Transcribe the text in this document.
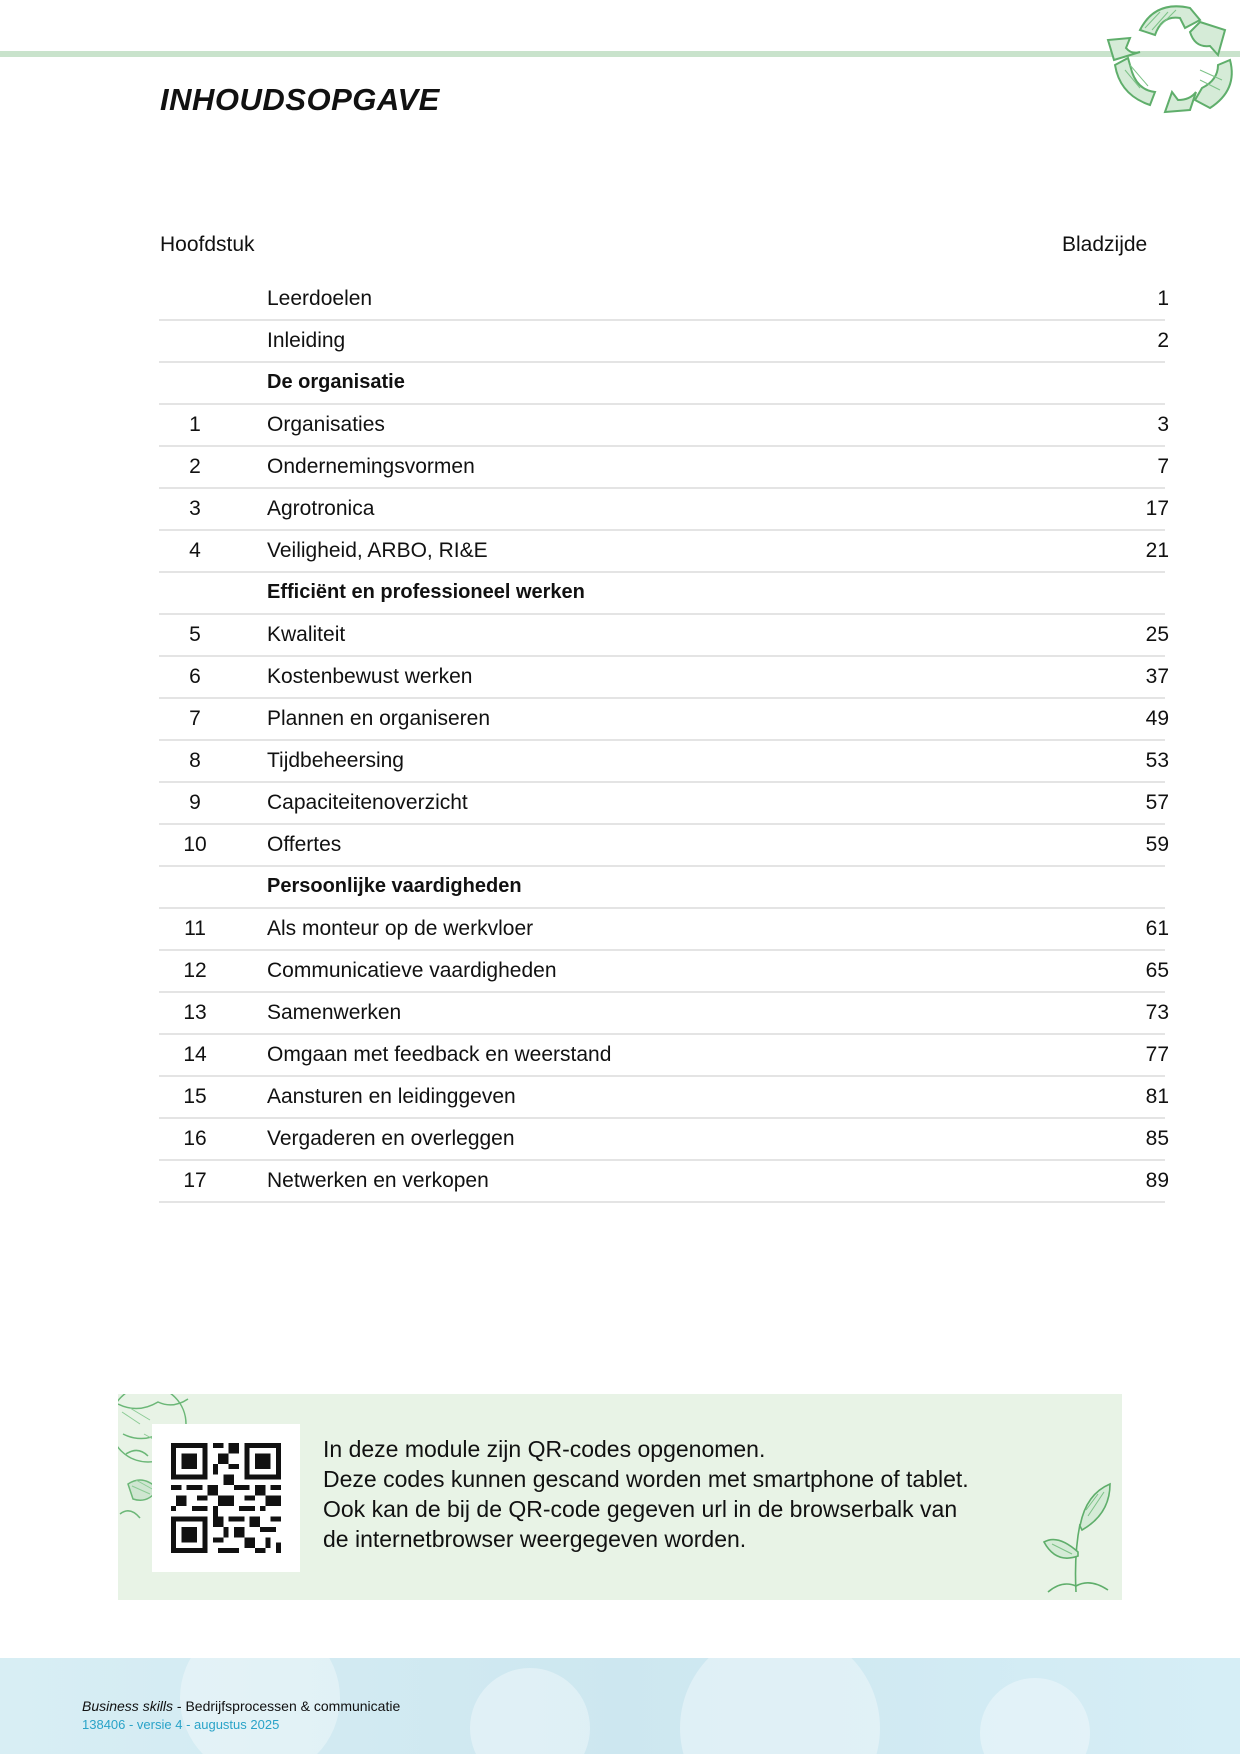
INHOUDSOPGAVE
Hoofdstuk	Bladzijde
Leerdoelen	1
Inleiding	2
De organisatie
1	Organisaties	3
2	Ondernemingsvormen	7
3	Agrotronica	17
4	Veiligheid, ARBO, RI&E	21
Efficiënt en professioneel werken
5	Kwaliteit	25
6	Kostenbewust werken	37
7	Plannen en organiseren	49
8	Tijdbeheersing	53
9	Capaciteitenoverzicht	57
10	Offertes	59
Persoonlijke vaardigheden
11	Als monteur op de werkvloer	61
12	Communicatieve vaardigheden	65
13	Samenwerken	73
14	Omgaan met feedback en weerstand	77
15	Aansturen en leidinggeven	81
16	Vergaderen en overleggen	85
17	Netwerken en verkopen	89
In deze module zijn QR-codes opgenomen.
Deze codes kunnen gescand worden met smartphone of tablet.
Ook kan de bij de QR-code gegeven url in de browserbalk van
de internetbrowser weergegeven worden.
Business skills - Bedrijfsprocessen & communicatie
138406 - versie 4 - augustus 2025
